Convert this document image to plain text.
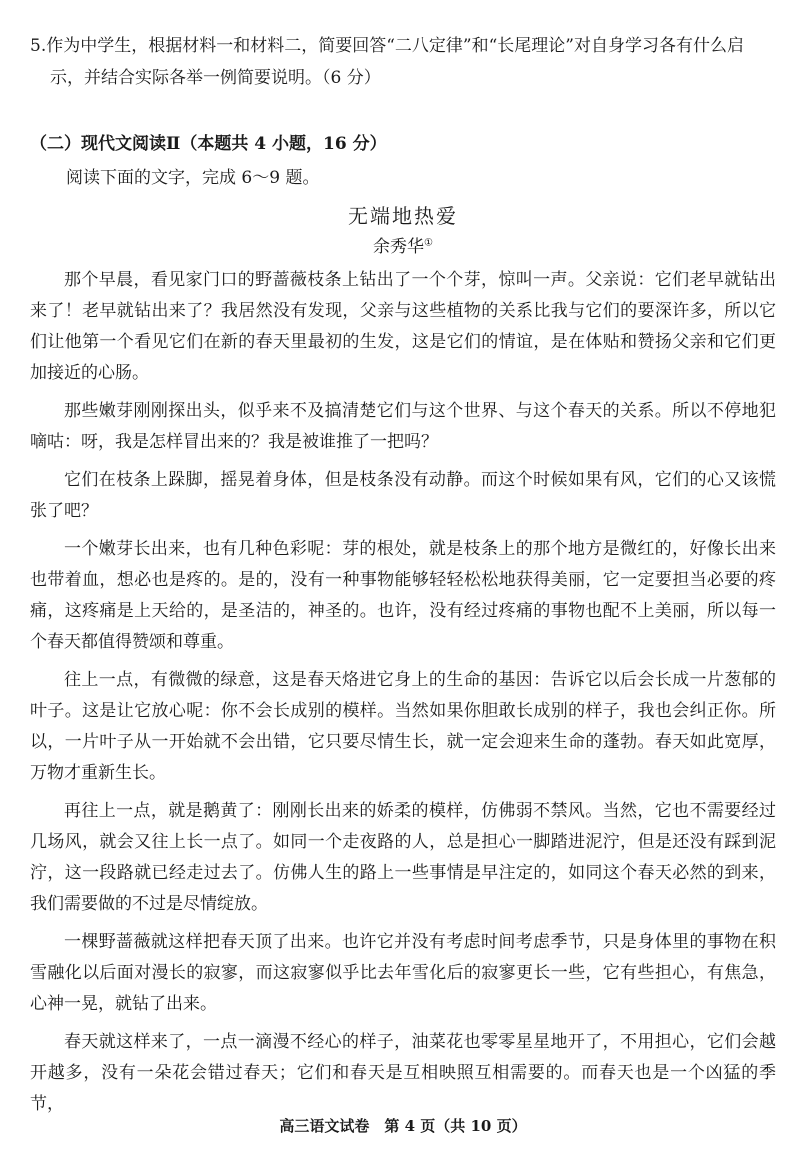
5.作为中学生，根据材料一和材料二，简要回答“二八定律”和“长尾理论”对自身学习各有什么启
示，并结合实际各举一例简要说明。（6 分）

（二）现代文阅读Ⅱ（本题共 4 小题，16 分）

阅读下面的文字，完成 6～9 题。

无端地热爱

余秀华①

那个早晨，看见家门口的野蔷薇枝条上钻出了一个个芽，惊叫一声。父亲说：它们老早就钻出来了！老早就钻出来了？我居然没有发现，父亲与这些植物的关系比我与它们的要深许多，所以它们让他第一个看见它们在新的春天里最初的生发，这是它们的情谊，是在体贴和赞扬父亲和它们更加接近的心肠。

那些嫩芽刚刚探出头，似乎来不及搞清楚它们与这个世界、与这个春天的关系。所以不停地犯嘀咕：呀，我是怎样冒出来的？我是被谁推了一把吗？

它们在枝条上跺脚，摇晃着身体，但是枝条没有动静。而这个时候如果有风，它们的心又该慌张了吧？

一个嫩芽长出来，也有几种色彩呢：芽的根处，就是枝条上的那个地方是微红的，好像长出来也带着血，想必也是疼的。是的，没有一种事物能够轻轻松松地获得美丽，它一定要担当必要的疼痛，这疼痛是上天给的，是圣洁的，神圣的。也许，没有经过疼痛的事物也配不上美丽，所以每一个春天都值得赞颂和尊重。

往上一点，有微微的绿意，这是春天烙进它身上的生命的基因：告诉它以后会长成一片葱郁的叶子。这是让它放心呢：你不会长成别的模样。当然如果你胆敢长成别的样子，我也会纠正你。所以，一片叶子从一开始就不会出错，它只要尽情生长，就一定会迎来生命的蓬勃。春天如此宽厚，万物才重新生长。

再往上一点，就是鹅黄了：刚刚长出来的娇柔的模样，仿佛弱不禁风。当然，它也不需要经过几场风，就会又往上长一点了。如同一个走夜路的人，总是担心一脚踏进泥泞，但是还没有踩到泥泞，这一段路就已经走过去了。仿佛人生的路上一些事情是早注定的，如同这个春天必然的到来，我们需要做的不过是尽情绽放。

一棵野蔷薇就这样把春天顶了出来。也许它并没有考虑时间考虑季节，只是身体里的事物在积雪融化以后面对漫长的寂寥，而这寂寥似乎比去年雪化后的寂寥更长一些，它有些担心，有焦急，心神一晃，就钻了出来。

春天就这样来了，一点一滴漫不经心的样子，油菜花也零零星星地开了，不用担心，它们会越开越多，没有一朵花会错过春天；它们和春天是互相映照互相需要的。而春天也是一个凶猛的季节，

高三语文试卷　第 4 页（共 10 页）
